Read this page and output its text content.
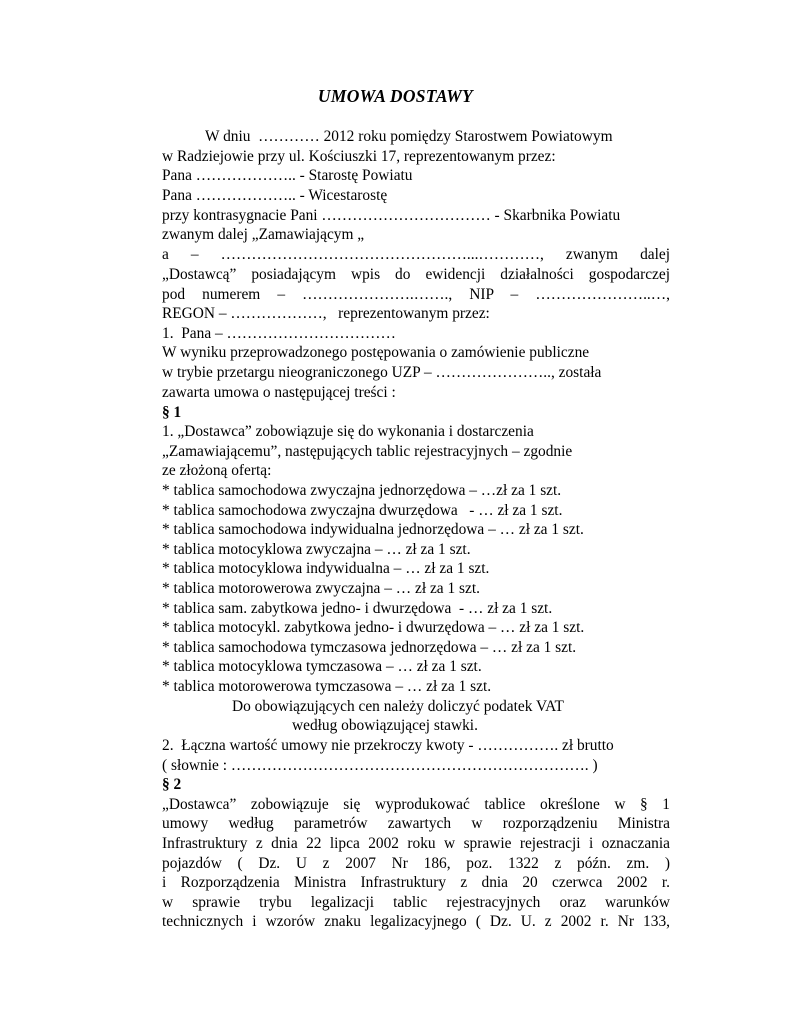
UMOWA DOSTAWY
W dniu  ………… 2012 roku pomiędzy Starostwem Powiatowym
w Radziejowie przy ul. Kościuszki 17, reprezentowanym przez:
Pana ……………….. - Starostę Powiatu
Pana ……………….. - Wicestarostę
przy kontrasygnacie Pani …………………………… - Skarbnika Powiatu
zwanym dalej „Zamawiającym „
a – …………………………………………...…………, zwanym dalej
„Dostawcą” posiadającym wpis do ewidencji działalności gospodarczej
pod numerem – ………………….……., NIP – …………………..…,
REGON – ………………,   reprezentowanym przez:
1.  Pana – ……………………………
W wyniku przeprowadzonego postępowania o zamówienie publiczne
w trybie przetargu nieograniczonego UZP – ………………….., została
zawarta umowa o następującej treści :
§ 1
1. „Dostawca” zobowiązuje się do wykonania i dostarczenia
„Zamawiającemu”, następujących tablic rejestracyjnych – zgodnie
ze złożoną ofertą:
* tablica samochodowa zwyczajna jednorzędowa – …zł za 1 szt.
* tablica samochodowa zwyczajna dwurzędowa   - … zł za 1 szt.
* tablica samochodowa indywidualna jednorzędowa – … zł za 1 szt.
* tablica motocyklowa zwyczajna – … zł za 1 szt.
* tablica motocyklowa indywidualna – … zł za 1 szt.
* tablica motorowerowa zwyczajna – … zł za 1 szt.
* tablica sam. zabytkowa jedno- i dwurzędowa  - … zł za 1 szt.
* tablica motocykl. zabytkowa jedno- i dwurzędowa – … zł za 1 szt.
* tablica samochodowa tymczasowa jednorzędowa – … zł za 1 szt.
* tablica motocyklowa tymczasowa – … zł za 1 szt.
* tablica motorowerowa tymczasowa – … zł za 1 szt.
Do obowiązujących cen należy doliczyć podatek VAT
według obowiązującej stawki.
2.  Łączna wartość umowy nie przekroczy kwoty - ……………. zł brutto
( słownie : ……………………………………………………………. )
§ 2
„Dostawca” zobowiązuje się wyprodukować tablice określone w § 1
umowy według parametrów zawartych w rozporządzeniu Ministra
Infrastruktury z dnia 22 lipca 2002 roku w sprawie rejestracji i oznaczania
pojazdów ( Dz. U z 2007 Nr 186, poz. 1322 z późn. zm. )
i Rozporządzenia Ministra Infrastruktury z dnia 20 czerwca 2002 r.
w sprawie trybu legalizacji tablic rejestracyjnych oraz warunków
technicznych i wzorów znaku legalizacyjnego ( Dz. U. z 2002 r. Nr 133,
